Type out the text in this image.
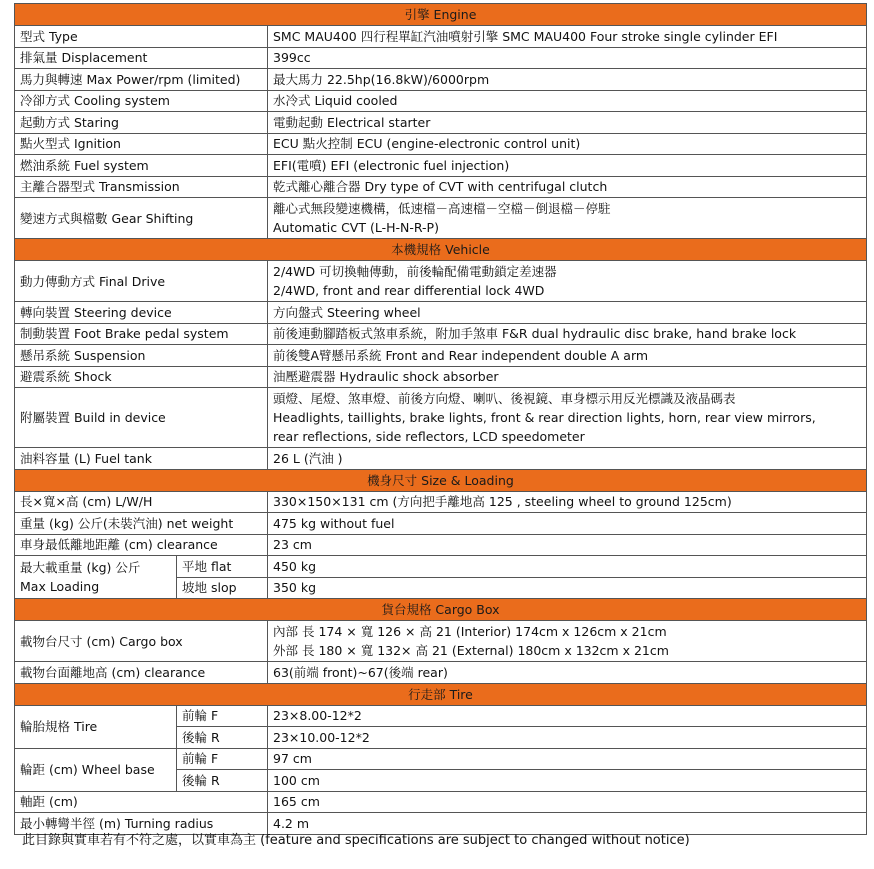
引擎 Engine		
型式 Type		SMC MAU400 四行程單缸汽油噴射引擎 SMC MAU400 Four stroke single cylinder EFI
排氣量 Displacement		399cc
馬力與轉速 Max Power/rpm (limited)		最大馬力 22.5hp(16.8kW)/6000rpm
冷卻方式 Cooling system		水冷式 Liquid cooled
起動方式 Staring		電動起動 Electrical starter
點火型式 Ignition		ECU 點火控制 ECU (engine-electronic control unit)
燃油系統 Fuel system		EFI(電噴) EFI (electronic fuel injection)
主離合器型式 Transmission		乾式離心離合器 Dry type of CVT with centrifugal clutch
變速方式與檔數 Gear Shifting		離心式無段變速機構，低速檔－高速檔－空檔－倒退檔－停駐
Automatic CVT (L-H-N-R-P)

本機規格 Vehicle		
動力傳動方式 Final Drive		2/4WD 可切換軸傳動，前後輪配備電動鎖定差速器
2/4WD, front and rear differential lock 4WD

轉向裝置 Steering device		方向盤式 Steering wheel
制動裝置 Foot Brake pedal system		前後連動腳踏板式煞車系統，附加手煞車 F&R dual hydraulic disc brake, hand brake lock
懸吊系統 Suspension		前後雙A臂懸吊系統 Front and Rear independent double A arm
避震系統 Shock		油壓避震器 Hydraulic shock absorber
附屬裝置 Build in device		頭燈、尾燈、煞車燈、前後方向燈、喇叭、後視鏡、車身標示用反光標識及液晶碼表
Headlights, taillights, brake lights, front & rear direction lights, horn, rear view mirrors,
rear reflections, side reflectors, LCD speedometer

油料容量 (L) Fuel tank		26 L (汽油 )
機身尺寸 Size & Loading		
長×寬×高 (cm) L/W/H		330×150×131 cm (方向把手離地高 125 , steeling wheel to ground 125cm)
重量 (kg) 公斤(未裝汽油) net weight		475 kg without fuel
車身最低離地距離 (cm) clearance		23 cm

最大載重量 (kg) 公斤
Max Loading	平地 flat	450 kg
	坡地 slop	350 kg
貨台規格 Cargo Box		
載物台尺寸 (cm) Cargo box		內部 長 174 × 寬 126 × 高 21 (Interior) 174cm x 126cm x 21cm
外部 長 180 × 寬 132× 高 21 (External) 180cm x 132cm x 21cm

載物台面離地高 (cm) clearance		63(前端 front)~67(後端 rear)
行走部 Tire		
輪胎規格 Tire	前輪 F	23×8.00-12*2
	後輪 R	23×10.00-12*2
輪距 (cm) Wheel base	前輪 F	97 cm
	後輪 R	100 cm
軸距 (cm)		165 cm
最小轉彎半徑 (m) Turning radius		4.2 m
此目錄與實車若有不符之處，以實車為主 (feature and specifications are subject to changed without notice)
